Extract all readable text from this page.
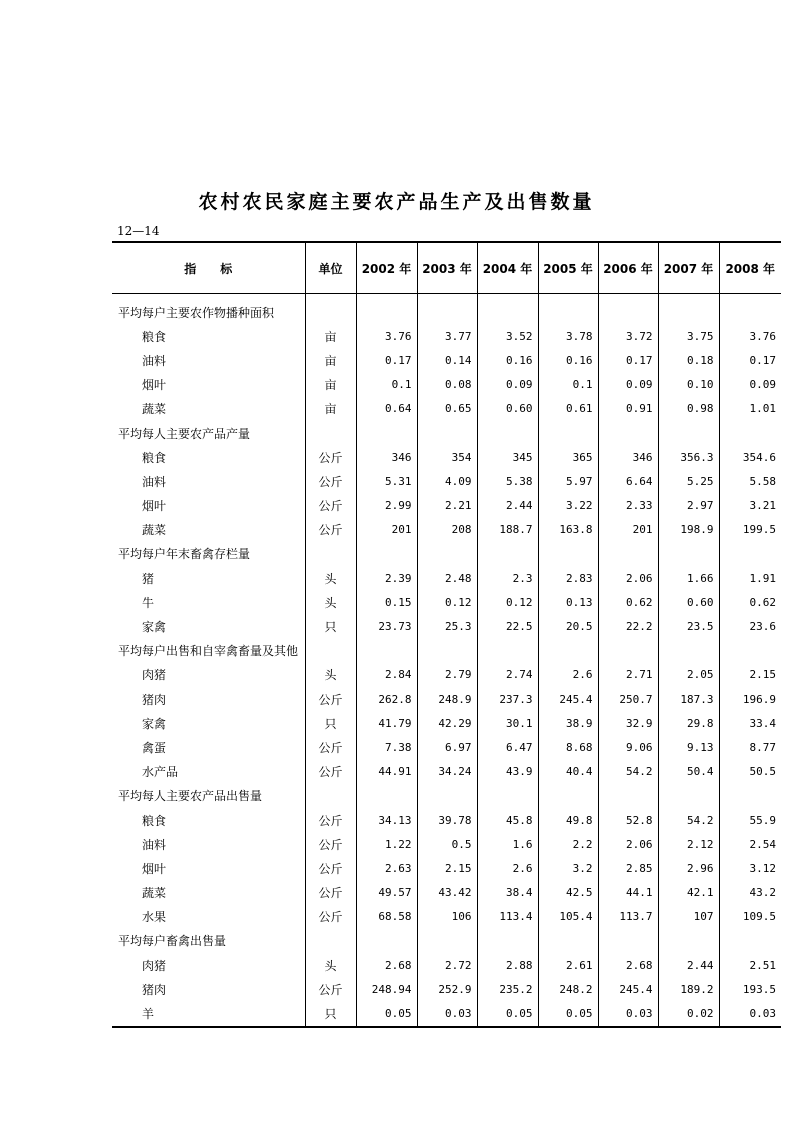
农村农民家庭主要农产品生产及出售数量
12—14
指　　标	单位	2002 年	2003 年	2004 年	2005 年	2006 年	2007 年	2008 年
平均每户主要农作物播种面积								
粮食	亩	3.76	3.77	3.52	3.78	3.72	3.75	3.76
油料	亩	0.17	0.14	0.16	0.16	0.17	0.18	0.17
烟叶	亩	0.1	0.08	0.09	0.1	0.09	0.10	0.09
蔬菜	亩	0.64	0.65	0.60	0.61	0.91	0.98	1.01
平均每人主要农产品产量								
粮食	公斤	346	354	345	365	346	356.3	354.6
油料	公斤	5.31	4.09	5.38	5.97	6.64	5.25	5.58
烟叶	公斤	2.99	2.21	2.44	3.22	2.33	2.97	3.21
蔬菜	公斤	201	208	188.7	163.8	201	198.9	199.5
平均每户年末畜禽存栏量								
猪	头	2.39	2.48	2.3	2.83	2.06	1.66	1.91
牛	头	0.15	0.12	0.12	0.13	0.62	0.60	0.62
家禽	只	23.73	25.3	22.5	20.5	22.2	23.5	23.6
平均每户出售和自宰禽畜量及其他								
肉猪	头	2.84	2.79	2.74	2.6	2.71	2.05	2.15
猪肉	公斤	262.8	248.9	237.3	245.4	250.7	187.3	196.9
家禽	只	41.79	42.29	30.1	38.9	32.9	29.8	33.4
禽蛋	公斤	7.38	6.97	6.47	8.68	9.06	9.13	8.77
水产品	公斤	44.91	34.24	43.9	40.4	54.2	50.4	50.5
平均每人主要农产品出售量								
粮食	公斤	34.13	39.78	45.8	49.8	52.8	54.2	55.9
油料	公斤	1.22	0.5	1.6	2.2	2.06	2.12	2.54
烟叶	公斤	2.63	2.15	2.6	3.2	2.85	2.96	3.12
蔬菜	公斤	49.57	43.42	38.4	42.5	44.1	42.1	43.2
水果	公斤	68.58	106	113.4	105.4	113.7	107	109.5
平均每户畜禽出售量								
肉猪	头	2.68	2.72	2.88	2.61	2.68	2.44	2.51
猪肉	公斤	248.94	252.9	235.2	248.2	245.4	189.2	193.5
羊	只	0.05	0.03	0.05	0.05	0.03	0.02	0.03
